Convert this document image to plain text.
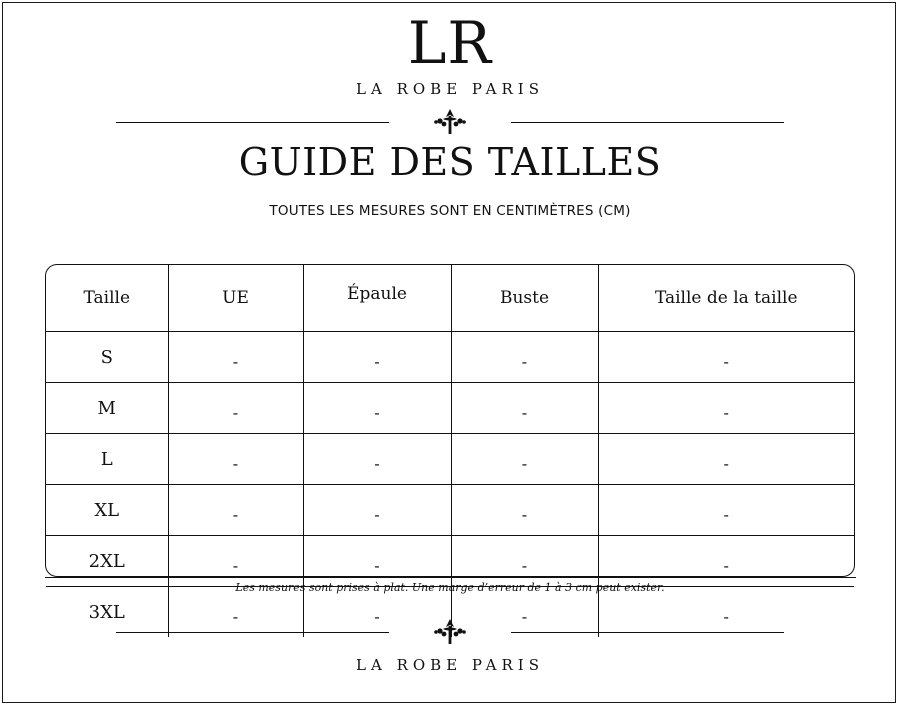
LR
LA ROBE PARIS
GUIDE DES TAILLES
TOUTES LES MESURES SONT EN CENTIMÈTRES (CM)
Taille	UE	Épaule	Buste	Taille de la taille
S	-	-	-	-
M	-	-	-	-
L	-	-	-	-
XL	-	-	-	-
2XL	-	-	-	-
3XL	-	-	-	-
Les mesures sont prises à plat. Une marge d’erreur de 1 à 3 cm peut exister.
LA ROBE PARIS
